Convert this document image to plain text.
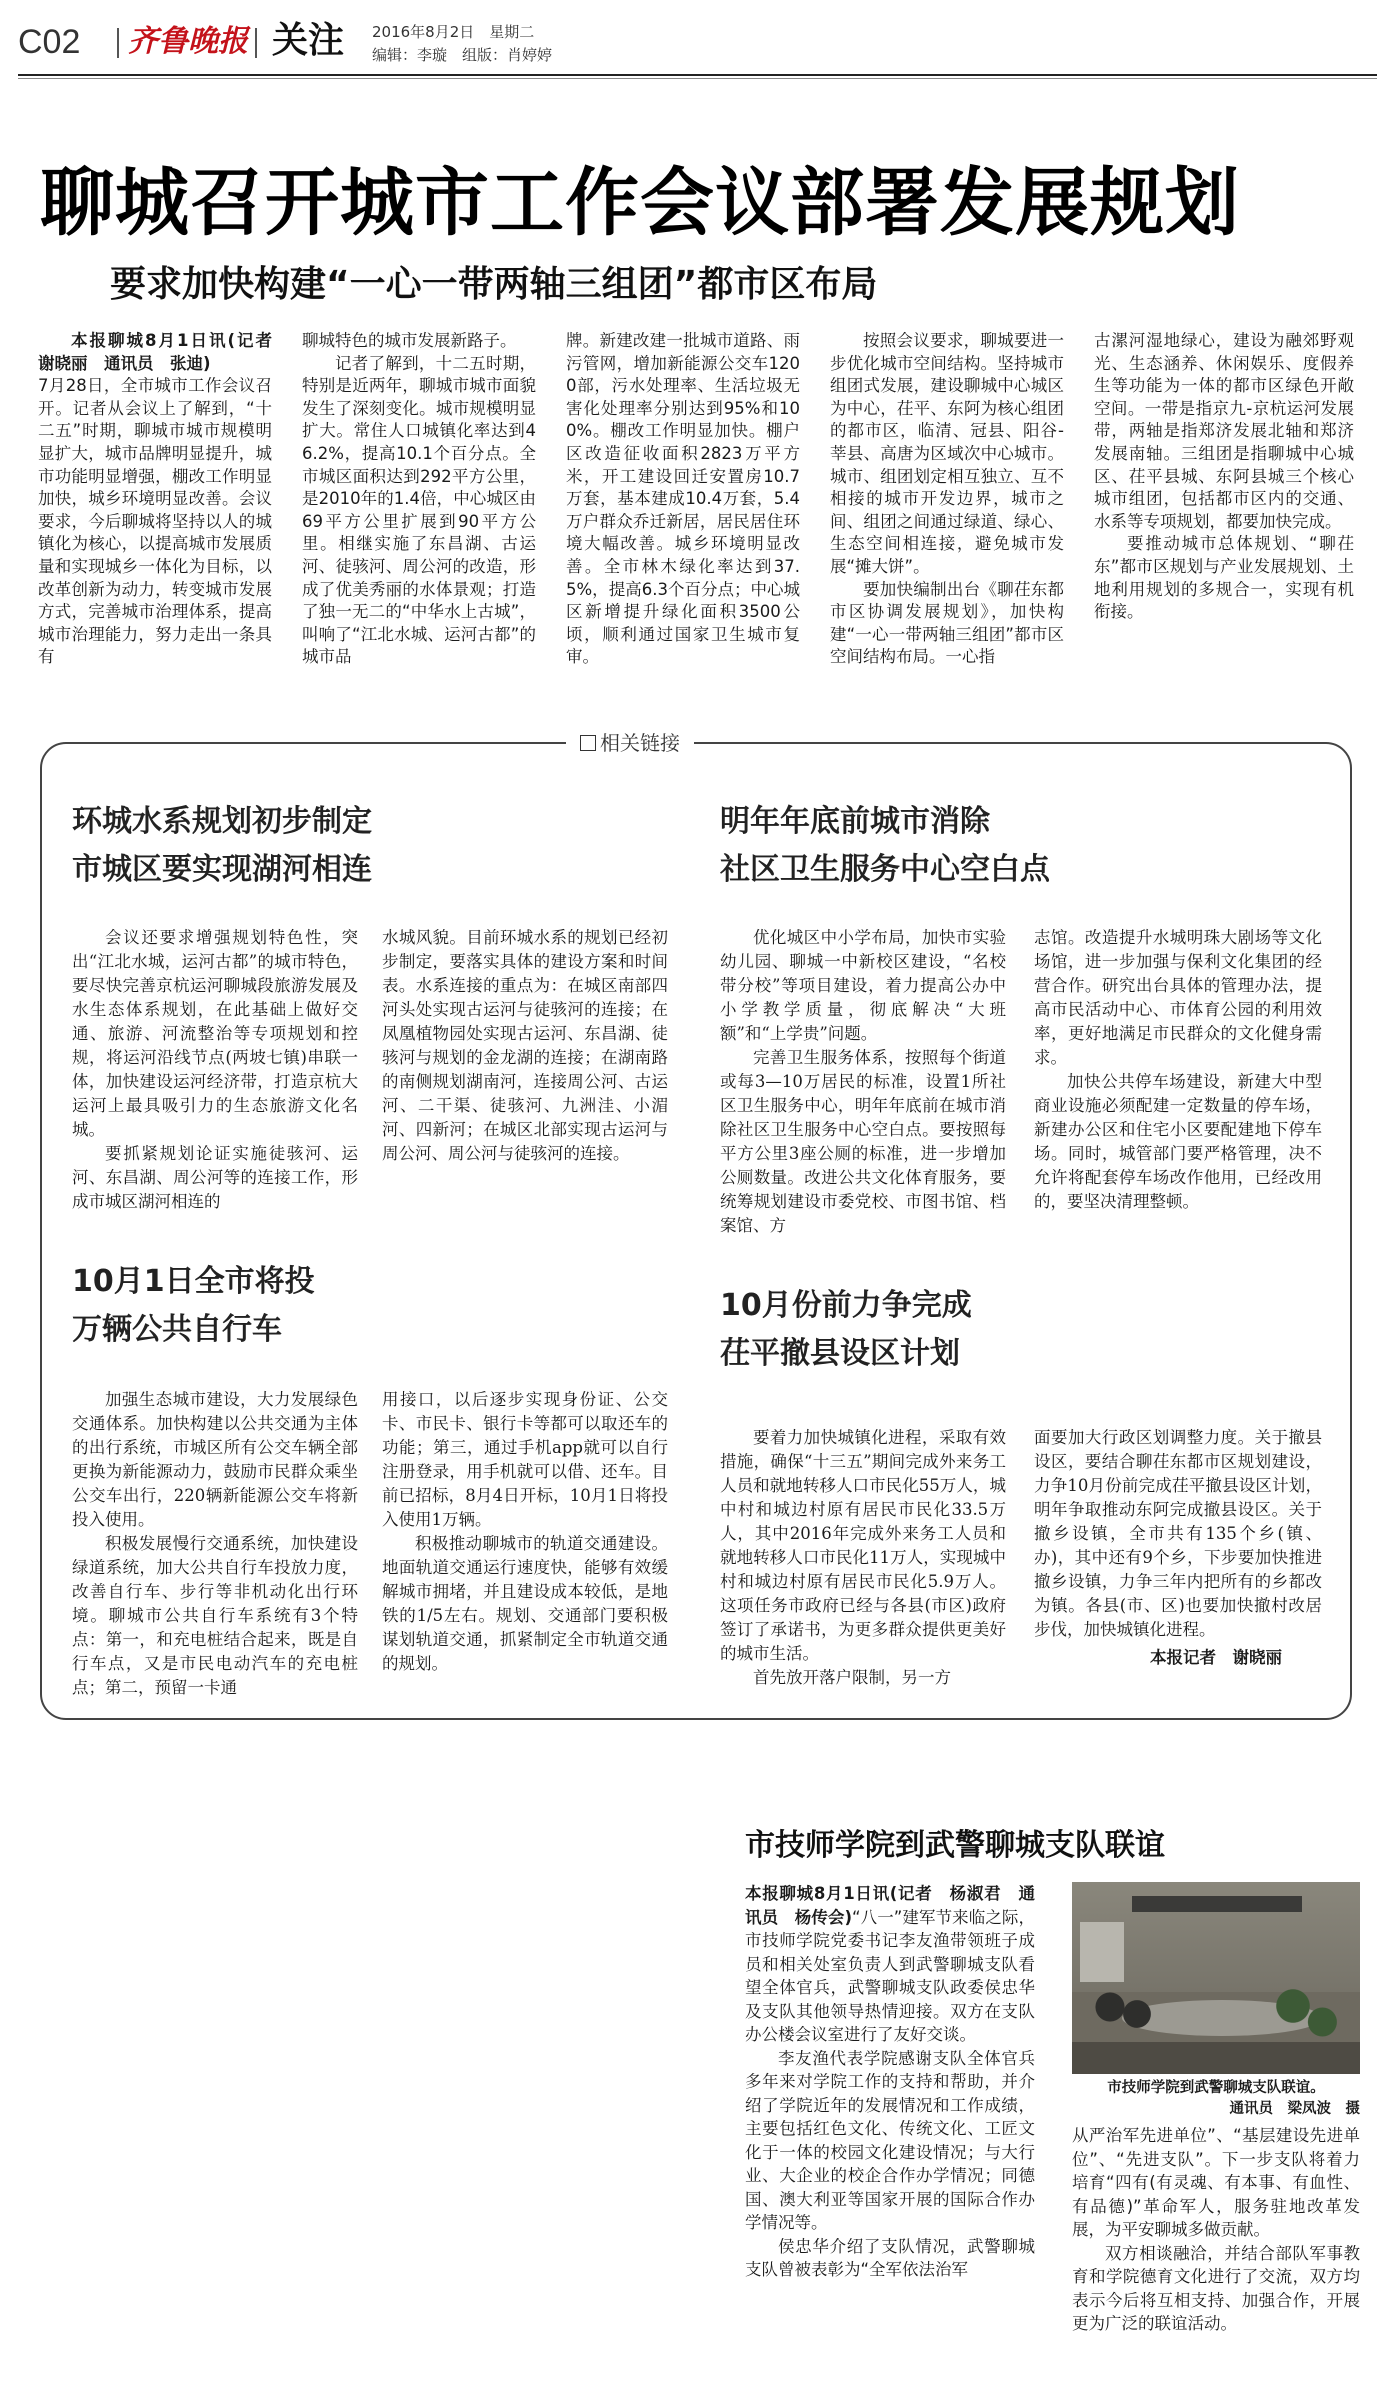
C02 齐鲁晚报 关注 2016年8月2日　 星期二
编辑：李璇　组版：肖婷婷
聊城召开城市工作会议部署发展规划
要求加快构建“一心一带两轴三组团”都市区布局

本报聊城8月1日讯(记者　谢晓丽　通讯员　张迪)

7月28日，全市城市工作会议召开。记者从会议上了解到，“十二五”时期，聊城市城市规模明显扩大，城市品牌明显提升，城市功能明显增强，棚改工作明显加快，城乡环境明显改善。会议要求，今后聊城将坚持以人的城镇化为核心，以提高城市发展质量和实现城乡一体化为目标，以改革创新为动力，转变城市发展方式，完善城市治理体系，提高城市治理能力，努力走出一条具有

聊城特色的城市发展新路子。

记者了解到，十二五时期，特别是近两年，聊城市城市面貌发生了深刻变化。城市规模明显扩大。常住人口城镇化率达到46.2%，提高10.1个百分点。全市城区面积达到292平方公里，是2010年的1.4倍，中心城区由69平方公里扩展到90平方公里。相继实施了东昌湖、古运河、徒骇河、周公河的改造，形成了优美秀丽的水体景观；打造了独一无二的“中华水上古城”，叫响了“江北水城、运河古都”的城市品

牌。新建改建一批城市道路、雨污管网，增加新能源公交车1200部，污水处理率、生活垃圾无害化处理率分别达到95%和100%。棚改工作明显加快。棚户区改造征收面积2823万平方米，开工建设回迁安置房10.7万套，基本建成10.4万套，5.4万户群众乔迁新居，居民居住环境大幅改善。城乡环境明显改善。全市林木绿化率达到37.5%，提高6.3个百分点；中心城区新增提升绿化面积3500公顷，顺利通过国家卫生城市复审。

按照会议要求，聊城要进一步优化城市空间结构。坚持城市组团式发展，建设聊城中心城区为中心，茌平、东阿为核心组团的都市区，临清、冠县、阳谷-莘县、高唐为区域次中心城市。城市、组团划定相互独立、互不相接的城市开发边界，城市之间、组团之间通过绿道、绿心、生态空间相连接，避免城市发展“摊大饼”。

要加快编制出台《聊茌东都市区协调发展规划》，加快构建“一心一带两轴三组团”都市区空间结构布局。一心指

古漯河湿地绿心，建设为融郊野观光、生态涵养、休闲娱乐、度假养生等功能为一体的都市区绿色开敞空间。一带是指京九-京杭运河发展带，两轴是指郑济发展北轴和郑济发展南轴。三组团是指聊城中心城区、茌平县城、东阿县城三个核心城市组团，包括都市区内的交通、水系等专项规划，都要加快完成。

要推动城市总体规划、“聊茌东”都市区规划与产业发展规划、土地利用规划的多规合一，实现有机衔接。

相关链接
环城水系规划初步制定
市城区要实现湖河相连

会议还要求增强规划特色性，突出“江北水城，运河古都”的城市特色，要尽快完善京杭运河聊城段旅游发展及水生态体系规划，在此基础上做好交通、旅游、河流整治等专项规划和控规，将运河沿线节点(两坡七镇)串联一体，加快建设运河经济带，打造京杭大运河上最具吸引力的生态旅游文化名城。

要抓紧规划论证实施徒骇河、运河、东昌湖、周公河等的连接工作，形成市城区湖河相连的

水城风貌。目前环城水系的规划已经初步制定，要落实具体的建设方案和时间表。水系连接的重点为：在城区南部四河头处实现古运河与徒骇河的连接；在凤凰植物园处实现古运河、东昌湖、徒骇河与规划的金龙湖的连接；在湖南路的南侧规划湖南河，连接周公河、古运河、二干渠、徒骇河、九洲洼、小湄河、四新河；在城区北部实现古运河与周公河、周公河与徒骇河的连接。

明年年底前城市消除
社区卫生服务中心空白点

优化城区中小学布局，加快市实验幼儿园、聊城一中新校区建设，“名校带分校”等项目建设，着力提高公办中小学教学质量，彻底解决“大班额”和“上学贵”问题。

完善卫生服务体系，按照每个街道或每3—10万居民的标准，设置1所社区卫生服务中心，明年年底前在城市消除社区卫生服务中心空白点。要按照每平方公里3座公厕的标准，进一步增加公厕数量。改进公共文化体育服务，要统筹规划建设市委党校、市图书馆、档案馆、方

志馆。改造提升水城明珠大剧场等文化场馆，进一步加强与保利文化集团的经营合作。研究出台具体的管理办法，提高市民活动中心、市体育公园的利用效率，更好地满足市民群众的文化健身需求。

加快公共停车场建设，新建大中型商业设施必须配建一定数量的停车场，新建办公区和住宅小区要配建地下停车场。同时，城管部门要严格管理，决不允许将配套停车场改作他用，已经改用的，要坚决清理整顿。

10月1日全市将投
万辆公共自行车

加强生态城市建设，大力发展绿色交通体系。加快构建以公共交通为主体的出行系统，市城区所有公交车辆全部更换为新能源动力，鼓励市民群众乘坐公交车出行，220辆新能源公交车将新投入使用。

积极发展慢行交通系统，加快建设绿道系统，加大公共自行车投放力度，改善自行车、步行等非机动化出行环境。聊城市公共自行车系统有3个特点：第一，和充电桩结合起来，既是自行车点，又是市民电动汽车的充电桩点；第二，预留一卡通

用接口，以后逐步实现身份证、公交卡、市民卡、银行卡等都可以取还车的功能；第三，通过手机app就可以自行注册登录，用手机就可以借、还车。目前已招标，8月4日开标，10月1日将投入使用1万辆。

积极推动聊城市的轨道交通建设。地面轨道交通运行速度快，能够有效缓解城市拥堵，并且建设成本较低，是地铁的1/5左右。规划、交通部门要积极谋划轨道交通，抓紧制定全市轨道交通的规划。

10月份前力争完成
茌平撤县设区计划

要着力加快城镇化进程，采取有效措施，确保“十三五”期间完成外来务工人员和就地转移人口市民化55万人，城中村和城边村原有居民市民化33.5万人，其中2016年完成外来务工人员和就地转移人口市民化11万人，实现城中村和城边村原有居民市民化5.9万人。这项任务市政府已经与各县(市区)政府签订了承诺书，为更多群众提供更美好的城市生活。

首先放开落户限制，另一方

面要加大行政区划调整力度。关于撤县设区，要结合聊茌东都市区规划建设，力争10月份前完成茌平撤县设区计划，明年争取推动东阿完成撤县设区。关于撤乡设镇，全市共有135个乡(镇、办)，其中还有9个乡，下步要加快推进撤乡设镇，力争三年内把所有的乡都改为镇。各县(市、区)也要加快撤村改居步伐，加快城镇化进程。

本报记者　谢晓丽

市技师学院到武警聊城支队联谊

本报聊城8月1日讯(记者　杨淑君　通讯员　杨传会)

“八一”建军节来临之际，市技师学院党委书记李友渔带领班子成员和相关处室负责人到武警聊城支队看望全体官兵，武警聊城支队政委侯忠华及支队其他领导热情迎接。双方在支队办公楼会议室进行了友好交谈。

李友渔代表学院感谢支队全体官兵多年来对学院工作的支持和帮助，并介绍了学院近年的发展情况和工作成绩，主要包括红色文化、传统文化、工匠文化于一体的校园文化建设情况；与大行业、大企业的校企合作办学情况；同德国、澳大利亚等国家开展的国际合作办学情况等。

侯忠华介绍了支队情况，武警聊城支队曾被表彰为“全军依法治军

市技师学院到武警聊城支队联谊。
通讯员　梁凤波　摄

从严治军先进单位”、“基层建设先进单位”、“先进支队”。下一步支队将着力培育“四有(有灵魂、有本事、有血性、有品德)”革命军人，服务驻地改革发展，为平安聊城多做贡献。

双方相谈融洽，并结合部队军事教育和学院德育文化进行了交流，双方均表示今后将互相支持、加强合作，开展更为广泛的联谊活动。
